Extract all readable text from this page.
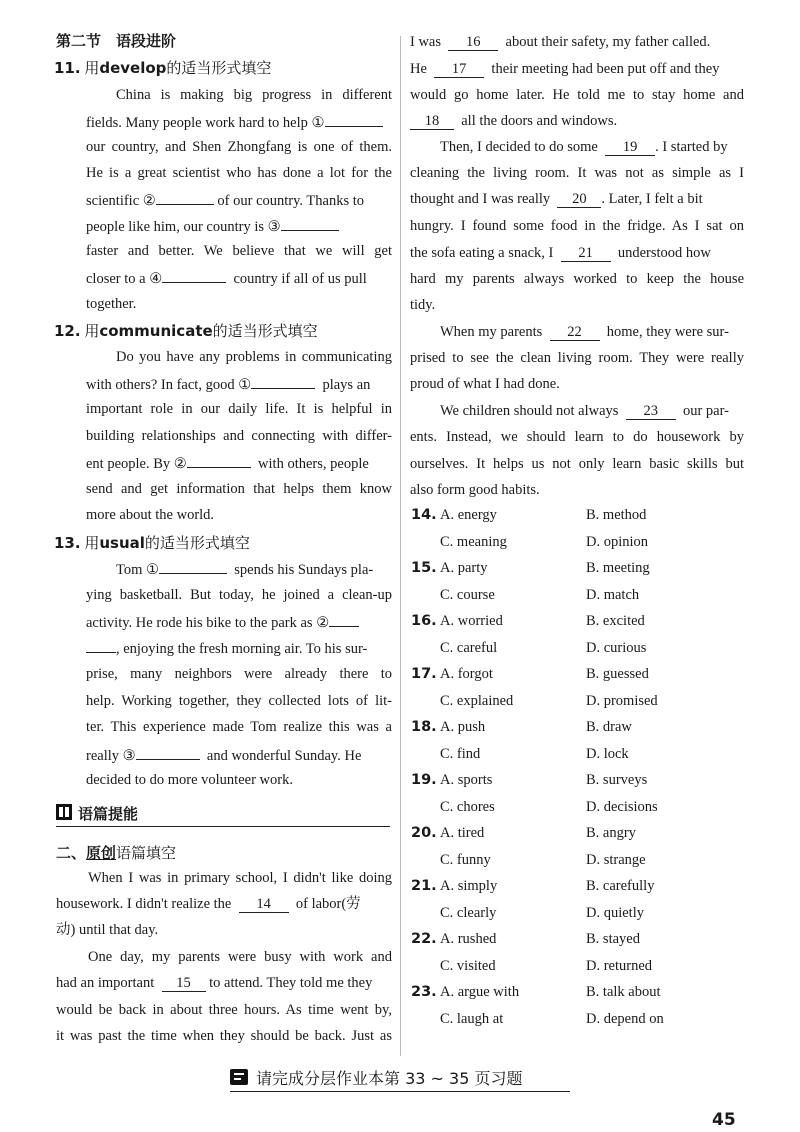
第二节　语段进阶
11. 用develop的适当形式填空
China is making big progress in different
fields. Many people work hard to help ①
our country, and Shen Zhongfang is one of them.
He is a great scientist who has done a lot for the
scientific ②	of our country. Thanks to
people like him, our country is ③
faster and better. We believe that we will get
closer to a ④	country if all of us pull
together.
12. 用communicate的适当形式填空
Do you have any problems in communicating
with others? In fact, good ①	plays an
important role in our daily life. It is helpful in
building relationships and connecting with differ-
ent people. By ②	with others, people
send and get information that helps them know
more about the world.
13. 用usual的适当形式填空
Tom ①	spends his Sundays pla-
ying basketball. But today, he joined a clean-up
activity. He rode his bike to the park as ②
, enjoying the fresh morning air. To his sur-
prise, many neighbors were already there to
help. Working together, they collected lots of lit-
ter. This experience made Tom realize this was a
really ③	and wonderful Sunday. He
decided to do more volunteer work.
语篇提能
二、原创语篇填空
When I was in primary school, I didn't like doing
housework. I didn't realize the 14 of labor(劳
动) until that day.
One day, my parents were busy with work and
had an important 15 to attend. They told me they
would be back in about three hours. As time went by,
it was past the time when they should be back. Just as
I was 16 about their safety, my father called.
He 17 their meeting had been put off and they
would go home later. He told me to stay home and
18 all the doors and windows.
Then, I decided to do some 19 . I started by
cleaning the living room. It was not as simple as I
thought and I was really 20 . Later, I felt a bit
hungry. I found some food in the fridge. As I sat on
the sofa eating a snack, I 21 understood how
hard my parents always worked to keep the house
tidy.
When my parents 22 home, they were sur-
prised to see the clean living room. They were really
proud of what I had done.
We children should not always 23 our par-
ents. Instead, we should learn to do housework by
ourselves. It helps us not only learn basic skills but
also form good habits.
14. A. energy	B. method
C. meaning	D. opinion
15. A. party	B. meeting
C. course	D. match
16. A. worried	B. excited
C. careful	D. curious
17. A. forgot	B. guessed
C. explained	D. promised
18. A. push	B. draw
C. find	D. lock
19. A. sports	B. surveys
C. chores	D. decisions
20. A. tired	B. angry
C. funny	D. strange
21. A. simply	B. carefully
C. clearly	D. quietly
22. A. rushed	B. stayed
C. visited	D. returned
23. A. argue with	B. talk about
C. laugh at	D. depend on
请完成分层作业本第 33 ~ 35 页习题
45
